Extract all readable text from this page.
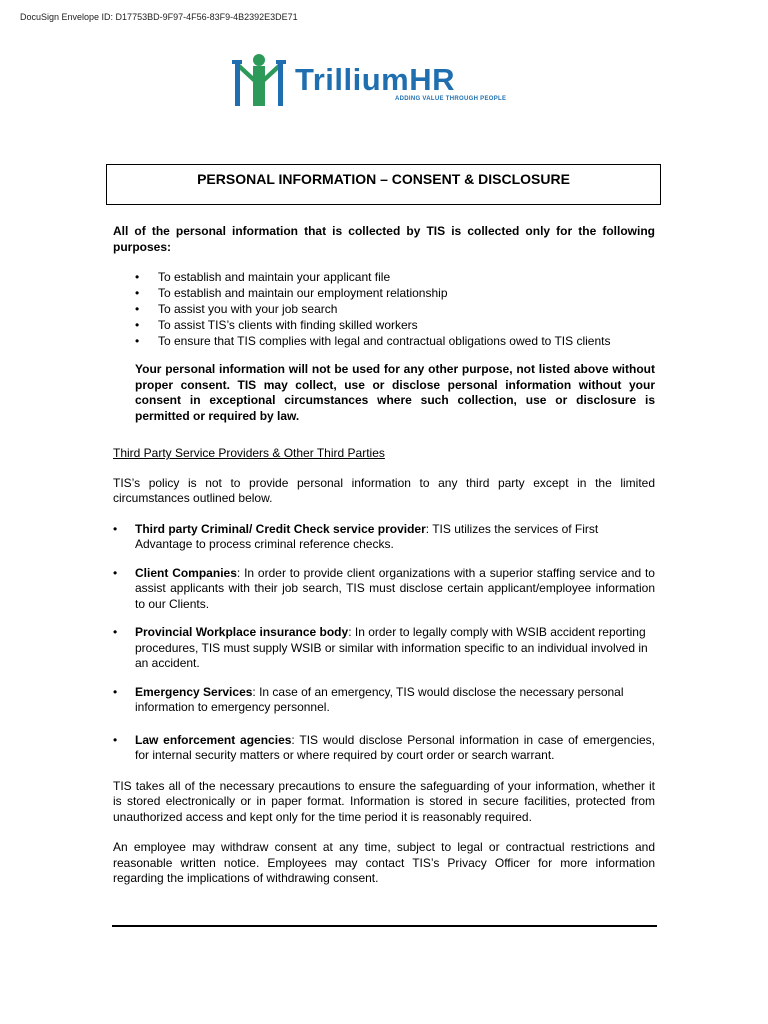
DocuSign Envelope ID: D17753BD-9F97-4F56-83F9-4B2392E3DE71
TrilliumHR
ADDING VALUE THROUGH PEOPLE
PERSONAL INFORMATION – CONSENT & DISCLOSURE

All of the personal information that is collected by TIS is collected only for the following purposes:

• To establish and maintain your applicant file
• To establish and maintain our employment relationship
• To assist you with your job search
• To assist TIS’s clients with finding skilled workers
• To ensure that TIS complies with legal and contractual obligations owed to TIS clients

Your personal information will not be used for any other purpose, not listed above without proper consent. TIS may collect, use or disclose personal information without your consent in exceptional circumstances where such collection, use or disclosure is permitted or required by law.

Third Party Service Providers & Other Third Parties

TIS’s policy is not to provide personal information to any third party except in the limited circumstances outlined below.

• Third party Criminal/ Credit Check service provider: TIS utilizes the services of First Advantage to process criminal reference checks.
• Client Companies: In order to provide client organizations with a superior staffing service and to assist applicants with their job search, TIS must disclose certain applicant/employee information to our Clients.
• Provincial Workplace insurance body: In order to legally comply with WSIB accident reporting procedures, TIS must supply WSIB or similar with information specific to an individual involved in an accident.
• Emergency Services: In case of an emergency, TIS would disclose the necessary personal information to emergency personnel.
• Law enforcement agencies: TIS would disclose Personal information in case of emergencies, for internal security matters or where required by court order or search warrant.

TIS takes all of the necessary precautions to ensure the safeguarding of your information, whether it is stored electronically or in paper format. Information is stored in secure facilities, protected from unauthorized access and kept only for the time period it is reasonably required.

An employee may withdraw consent at any time, subject to legal or contractual restrictions and reasonable written notice. Employees may contact TIS’s Privacy Officer for more information regarding the implications of withdrawing consent.
